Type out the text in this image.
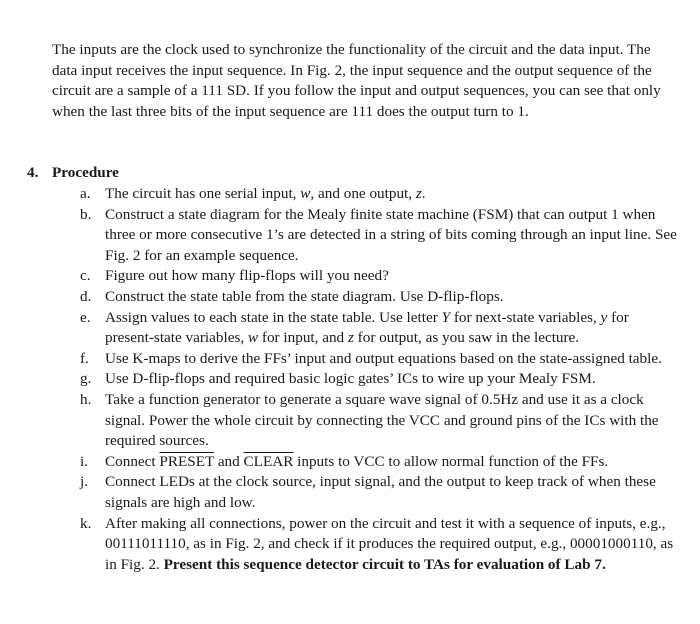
The inputs are the clock used to synchronize the functionality of the circuit and the data input. The data input receives the input sequence. In Fig. 2, the input sequence and the output sequence of the circuit are a sample of a 111 SD. If you follow the input and output sequences, you can see that only when the last three bits of the input sequence are 111 does the output turn to 1.

4. Procedure

a. The circuit has one serial input, w, and one output, z.
b. Construct a state diagram for the Mealy finite state machine (FSM) that can output 1 when three or more consecutive 1’s are detected in a string of bits coming through an input line. See Fig. 2 for an example sequence.
c. Figure out how many flip-flops will you need?
d. Construct the state table from the state diagram. Use D-flip-flops.
e. Assign values to each state in the state table. Use letter Y for next-state variables, y for present-state variables, w for input, and z for output, as you saw in the lecture.
f.	Use K-maps to derive the FFs’ input and output equations based on the state-assigned table.
g. Use D-flip-flops and required basic logic gates’ ICs to wire up your Mealy FSM.
h. Take a function generator to generate a square wave signal of 0.5Hz and use it as a clock signal. Power the whole circuit by connecting the VCC and ground pins of the ICs with the required sources.
i.	Connect PRESET and CLEAR inputs to VCC to allow normal function of the FFs.
j.	Connect LEDs at the clock source, input signal, and the output to keep track of when these signals are high and low.
k. After making all connections, power on the circuit and test it with a sequence of inputs, e.g., 00111011110, as in Fig. 2, and check if it produces the required output, e.g., 00001000110, as in Fig. 2. Present this sequence detector circuit to TAs for evaluation of Lab 7.
